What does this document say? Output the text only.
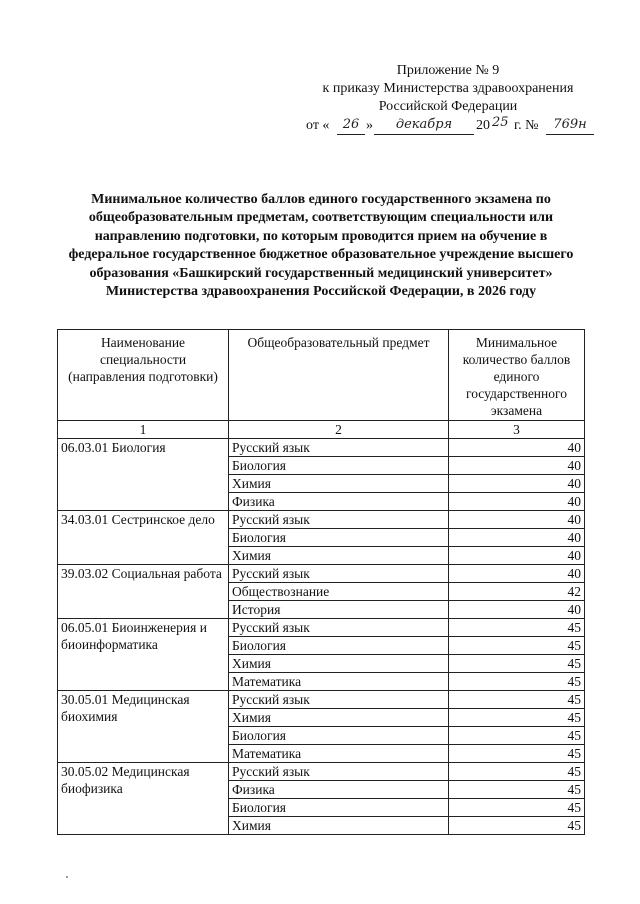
Приложение № 9
к приказу Министерства здравоохранения
Российской Федерации
от «	26 »	декабря	20 25 г. №	769н
Минимальное количество баллов единого государственного экзамена по общеобразовательным предметам, соответствующим специальности или направлению подготовки, по которым проводится прием на обучение в федеральное государственное бюджетное образовательное учреждение высшего образования «Башкирский государственный медицинский университет» Министерства здравоохранения Российской Федерации, в 2026 году
Наименование специальности (направления подготовки)	Общеобразовательный предмет	Минимальное количество баллов единого государственного экзамена
1	2	3
06.03.01 Биология	Русский язык	40
	Биология	40
	Химия	40
	Физика	40
34.03.01 Сестринское дело	Русский язык	40
	Биология	40
	Химия	40
39.03.02 Социальная работа	Русский язык	40
	Обществознание	42
	История	40
06.05.01 Биоинженерия и биоинформатика	Русский язык	45
	Биология	45
	Химия	45
	Математика	45
30.05.01 Медицинская биохимия	Русский язык	45
	Химия	45
	Биология	45
	Математика	45
30.05.02 Медицинская биофизика	Русский язык	45
	Физика	45
	Биология	45
	Химия	45
